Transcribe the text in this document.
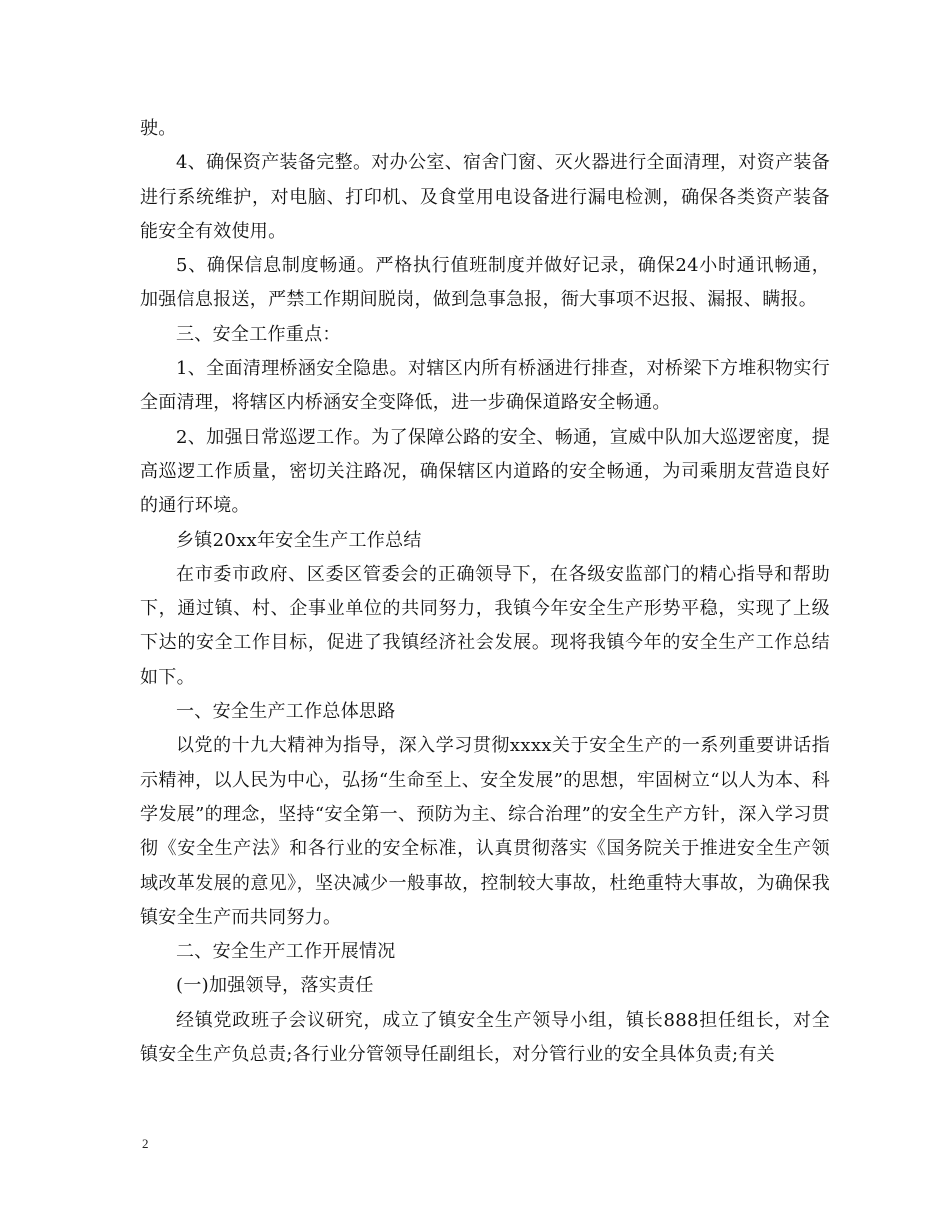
驶。

4、确保资产装备完整。对办公室、宿舍门窗、灭火器进行全面清理，对资产装备进行系统维护，对电脑、打印机、及食堂用电设备进行漏电检测，确保各类资产装备能安全有效使用。

5、确保信息制度畅通。严格执行值班制度并做好记录，确保24小时通讯畅通，加强信息报送，严禁工作期间脱岗，做到急事急报，衙大事项不迟报、漏报、瞒报。

三、安全工作重点：

1、全面清理桥涵安全隐患。对辖区内所有桥涵进行排查，对桥梁下方堆积物实行全面清理，将辖区内桥涵安全变降低，进一步确保道路安全畅通。

2、加强日常巡逻工作。为了保障公路的安全、畅通，宣威中队加大巡逻密度，提高巡逻工作质量，密切关注路况，确保辖区内道路的安全畅通，为司乘朋友营造良好的通行环境。

乡镇20xx年安全生产工作总结

在市委市政府、区委区管委会的正确领导下，在各级安监部门的精心指导和帮助下，通过镇、村、企事业单位的共同努力，我镇今年安全生产形势平稳，实现了上级下达的安全工作目标，促进了我镇经济社会发展。现将我镇今年的安全生产工作总结如下。

一、安全生产工作总体思路

以党的十九大精神为指导，深入学习贯彻xxxx关于安全生产的一系列重要讲话指示精神，以人民为中心，弘扬“生命至上、安全发展”的思想，牢固树立“以人为本、科学发展”的理念，坚持“安全第一、预防为主、综合治理”的安全生产方针，深入学习贯彻《安全生产法》和各行业的安全标准，认真贯彻落实《国务院关于推进安全生产领域改革发展的意见》，坚决减少一般事故，控制较大事故，杜绝重特大事故，为确保我镇安全生产而共同努力。

二、安全生产工作开展情况

(一)加强领导，落实责任

经镇党政班子会议研究，成立了镇安全生产领导小组，镇长888担任组长，对全镇安全生产负总责;各行业分管领导任副组长，对分管行业的安全具体负责;有关

2
